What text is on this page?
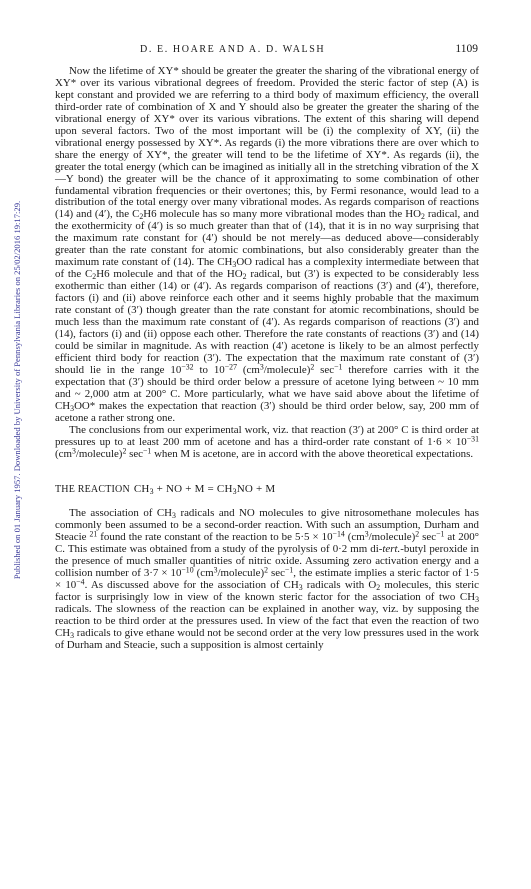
D. E. HOARE AND A. D. WALSH	1109
Published on 01 January 1957. Downloaded by University of Pennsylvania Libraries on 25/02/2016 19:17:29.

Now the lifetime of XY* should be greater the greater the sharing of the vibrational energy of XY* over its various vibrational degrees of freedom. Provided the steric factor of step (A) is kept constant and provided we are referring to a third body of maximum efficiency, the overall third-order rate of combination of X and Y should also be greater the greater the sharing of the vibrational energy of XY* over its various vibrations. The extent of this sharing will depend upon several factors. Two of the most important will be (i) the complexity of XY, (ii) the vibrational energy possessed by XY*. As regards (i) the more vibrations there are over which to share the energy of XY*, the greater will tend to be the lifetime of XY*. As regards (ii), the greater the total energy (which can be imagined as initially all in the stretching vibration of the X—Y bond) the greater will be the chance of it approximating to some combination of other fundamental vibration frequencies or their overtones; this, by Fermi resonance, would lead to a distribution of the total energy over many vibrational modes. As regards comparison of reactions (14) and (4′), the $C_2H6$ molecule has so many more vibrational modes than the $HO_2$ radical, and the exothermicity of (4′) is so much greater than that of (14), that it is in no way surprising that the maximum rate constant for (4′) should be not merely—as deduced above—considerably greater than the rate constant for atomic combinations, but also considerably greater than the maximum rate constant of (14). The $CH_3OO$ radical has a complexity intermediate between that of the $C_2H6$ molecule and that of the $HO_2$ radical, but (3′) is expected to be considerably less exothermic than either (14) or (4′). As regards comparison of reactions (3′) and (4′), therefore, factors (i) and (ii) above reinforce each other and it seems highly probable that the maximum rate constant of (3′) though greater than the rate constant for atomic recombinations, should be much less than the maximum rate constant of (4′). As regards comparison of reactions (3′) and (14), factors (i) and (ii) oppose each other. Therefore the rate constants of reactions (3′) and (14) could be similar in magnitude. As with reaction (4′) acetone is likely to be an almost perfectly efficient third body for reaction (3′). The expectation that the maximum rate constant of (3′) should lie in the range $10^{-32}$ to $10^{-27}$ $(cm^3/molecule)^2$ $\sec^{-1}$ therefore carries with it the expectation that (3′) should be third order below a pressure of acetone lying between ~ 10 mm and ~ 2,000 atm at 200° C. More particularly, what we have said above about the lifetime of $CH_3OO*$ makes the expectation that reaction (3′) should be third order below, say, 200 mm of acetone a rather strong one.

The conclusions from our experimental work, viz. that reaction (3′) at 200° C is third order at pressures up to at least 200 mm of acetone and has a third-order rate constant of $1\cdot 6 \times 10^{-31}$ $(cm^3/molecule)^2$ $\sec^{-1}$ when M is acetone, are in accord with the above theoretical expectations.

THE REACTION $CH_3$ + NO + $M = CH_3NO + M$

The association of $CH_3$ radicals and NO molecules to give nitrosomethane molecules has commonly been assumed to be a second-order reaction. With such an assumption, Durham and Steacie $^{21}$ found the rate constant of the reaction to be $5\cdot 5 \times 10^{-14}$ $(cm^3/molecule)^2$ $\sec^{-1}$ at 200° C. This estimate was obtained from a study of the pyrolysis of 0·2 mm di-tert.-butyl peroxide in the presence of much smaller quantities of nitric oxide. Assuming zero activation energy and a collision number of $3\cdot 7 \times 10^{-10}$ $(cm^3/molecule)^2$ $\sec^{-1}$, the estimate implies a steric factor of $1\cdot 5 \times 10^{-4}$. As discussed above for the association of $CH_3$ radicals with $O_2$ molecules, this steric factor is surprisingly low in view of the known steric factor for the association of two $CH_3$ radicals. The slowness of the reaction can be explained in another way, viz. by supposing the reaction to be third order at the pressures used. In view of the fact that even the reaction of two $CH_3$ radicals to give ethane would not be second order at the very low pressures used in the work of Durham and Steacie, such a supposition is almost certainly
